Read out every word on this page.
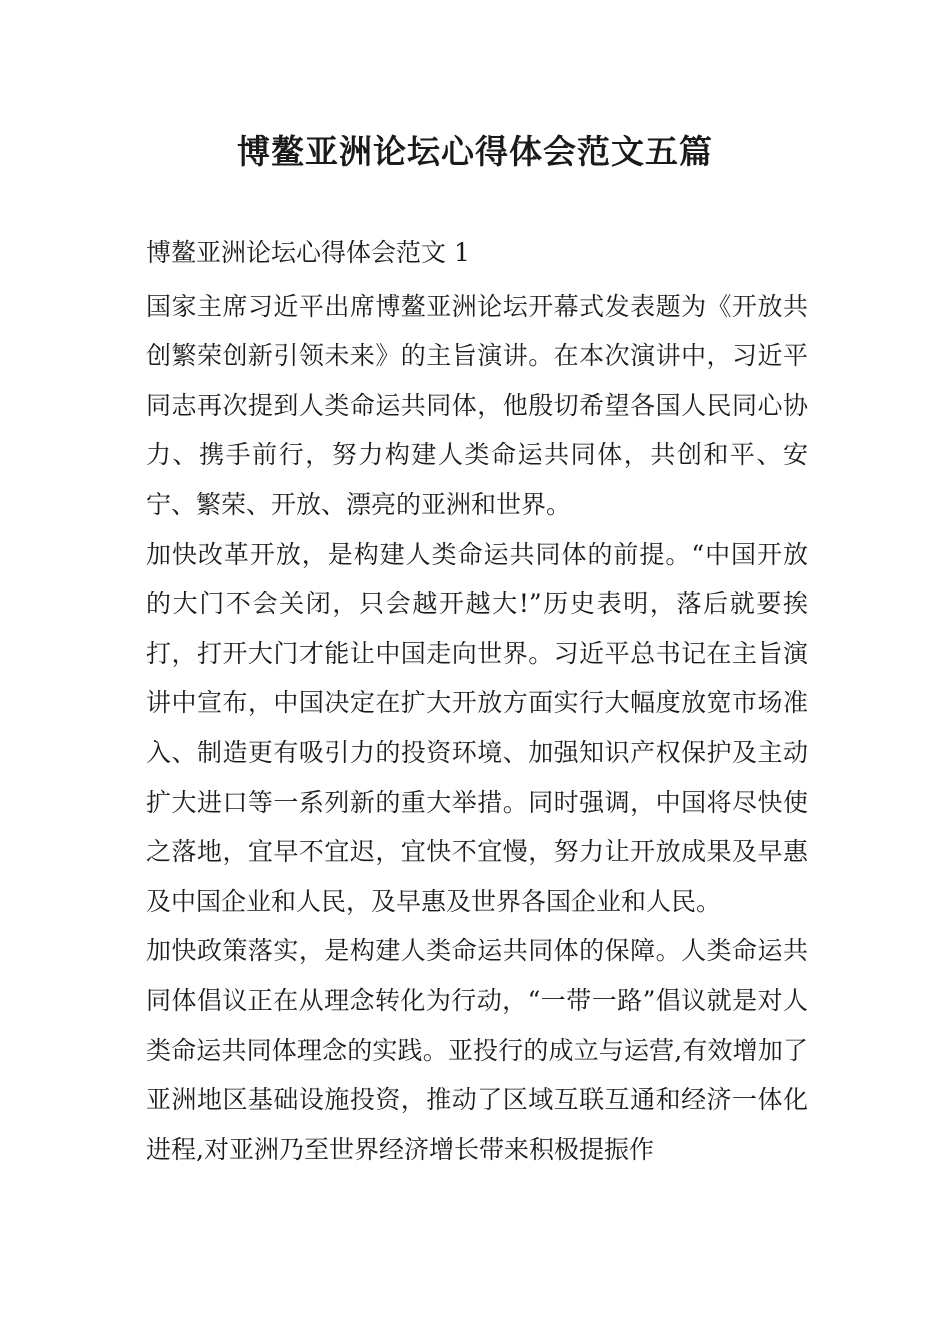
博鳌亚洲论坛心得体会范文五篇

博鳌亚洲论坛心得体会范文 1

国家主席习近平出席博鳌亚洲论坛开幕式发表题为《开放共创繁荣创新引领未来》的主旨演讲。在本次演讲中，习近平同志再次提到人类命运共同体，他殷切希望各国人民同心协力、携手前行，努力构建人类命运共同体，共创和平、安宁、繁荣、开放、漂亮的亚洲和世界。

加快改革开放，是构建人类命运共同体的前提。“中国开放的大门不会关闭，只会越开越大!”历史表明，落后就要挨打，打开大门才能让中国走向世界。习近平总书记在主旨演讲中宣布，中国决定在扩大开放方面实行大幅度放宽市场准入、制造更有吸引力的投资环境、加强知识产权保护及主动扩大进口等一系列新的重大举措。同时强调，中国将尽快使之落地，宜早不宜迟，宜快不宜慢，努力让开放成果及早惠及中国企业和人民，及早惠及世界各国企业和人民。

加快政策落实，是构建人类命运共同体的保障。人类命运共同体倡议正在从理念转化为行动，“一带一路”倡议就是对人类命运共同体理念的实践。亚投行的成立与运营,有效增加了亚洲地区基础设施投资，推动了区域互联互通和经济一体化进程,对亚洲乃至世界经济增长带来积极提振作
